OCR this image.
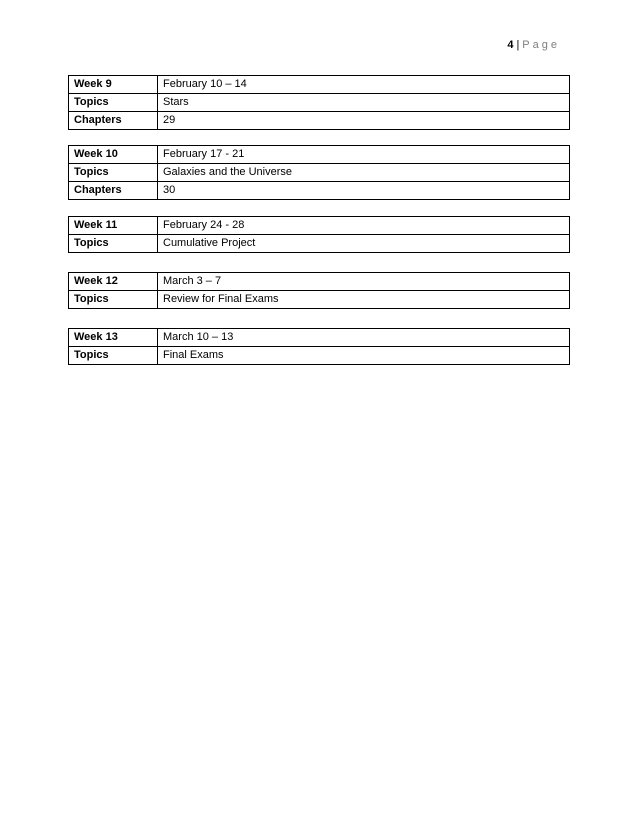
4 | Page
Week 9	February 10 – 14
Topics	Stars
Chapters	29
Week 10	February 17 - 21
Topics	Galaxies and the Universe
Chapters	30
Week 11	February 24 - 28
Topics	Cumulative Project
Week 12	March 3 – 7
Topics	Review for Final Exams
Week 13	March 10 – 13
Topics	Final Exams
